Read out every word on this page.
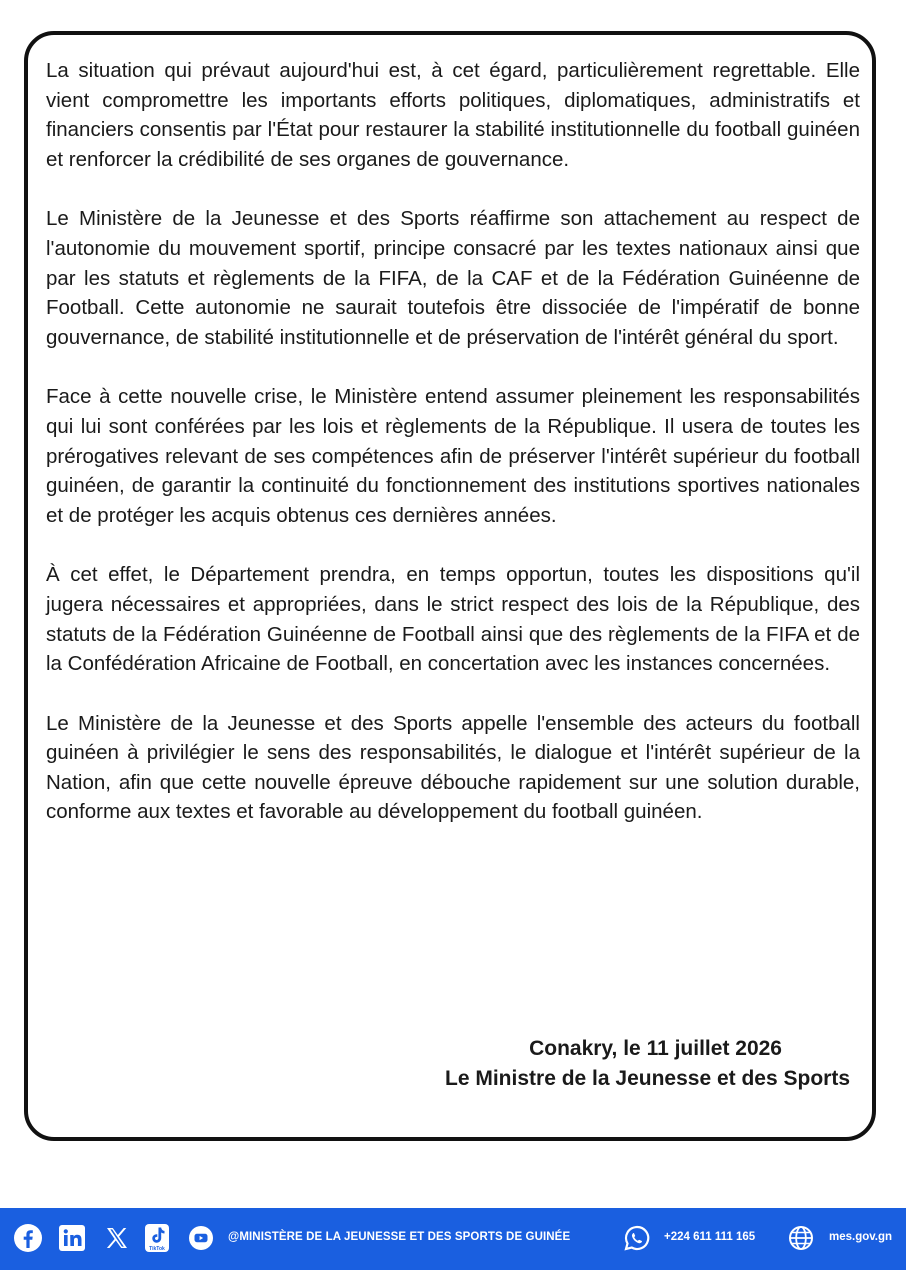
La situation qui prévaut aujourd'hui est, à cet égard, particulièrement regrettable. Elle vient compromettre les importants efforts politiques, diplomatiques, administratifs et financiers consentis par l'État pour restaurer la stabilité institutionnelle du football guinéen et renforcer la crédibilité de ses organes de gouvernance.

Le Ministère de la Jeunesse et des Sports réaffirme son attachement au respect de l'autonomie du mouvement sportif, principe consacré par les textes nationaux ainsi que par les statuts et règlements de la FIFA, de la CAF et de la Fédération Guinéenne de Football. Cette autonomie ne saurait toutefois être dissociée de l'impératif de bonne gouvernance, de stabilité institutionnelle et de préservation de l'intérêt général du sport.

Face à cette nouvelle crise, le Ministère entend assumer pleinement les responsabilités qui lui sont conférées par les lois et règlements de la République. Il usera de toutes les prérogatives relevant de ses compétences afin de préserver l'intérêt supérieur du football guinéen, de garantir la continuité du fonctionnement des institutions sportives nationales et de protéger les acquis obtenus ces dernières années.

À cet effet, le Département prendra, en temps opportun, toutes les dispositions qu'il jugera nécessaires et appropriées, dans le strict respect des lois de la République, des statuts de la Fédération Guinéenne de Football ainsi que des règlements de la FIFA et de la Confédération Africaine de Football, en concertation avec les instances concernées.

Le Ministère de la Jeunesse et des Sports appelle l'ensemble des acteurs du football guinéen à privilégier le sens des responsabilités, le dialogue et l'intérêt supérieur de la Nation, afin que cette nouvelle épreuve débouche rapidement sur une solution durable, conforme aux textes et favorable au développement du football guinéen.

Conakry, le 11 juillet 2026
Le Ministre de la Jeunesse et des Sports
TikTok
@MINISTÈRE DE LA JEUNESSE ET DES SPORTS DE GUINÉE	+224 611 111 165	mes.gov.gn
